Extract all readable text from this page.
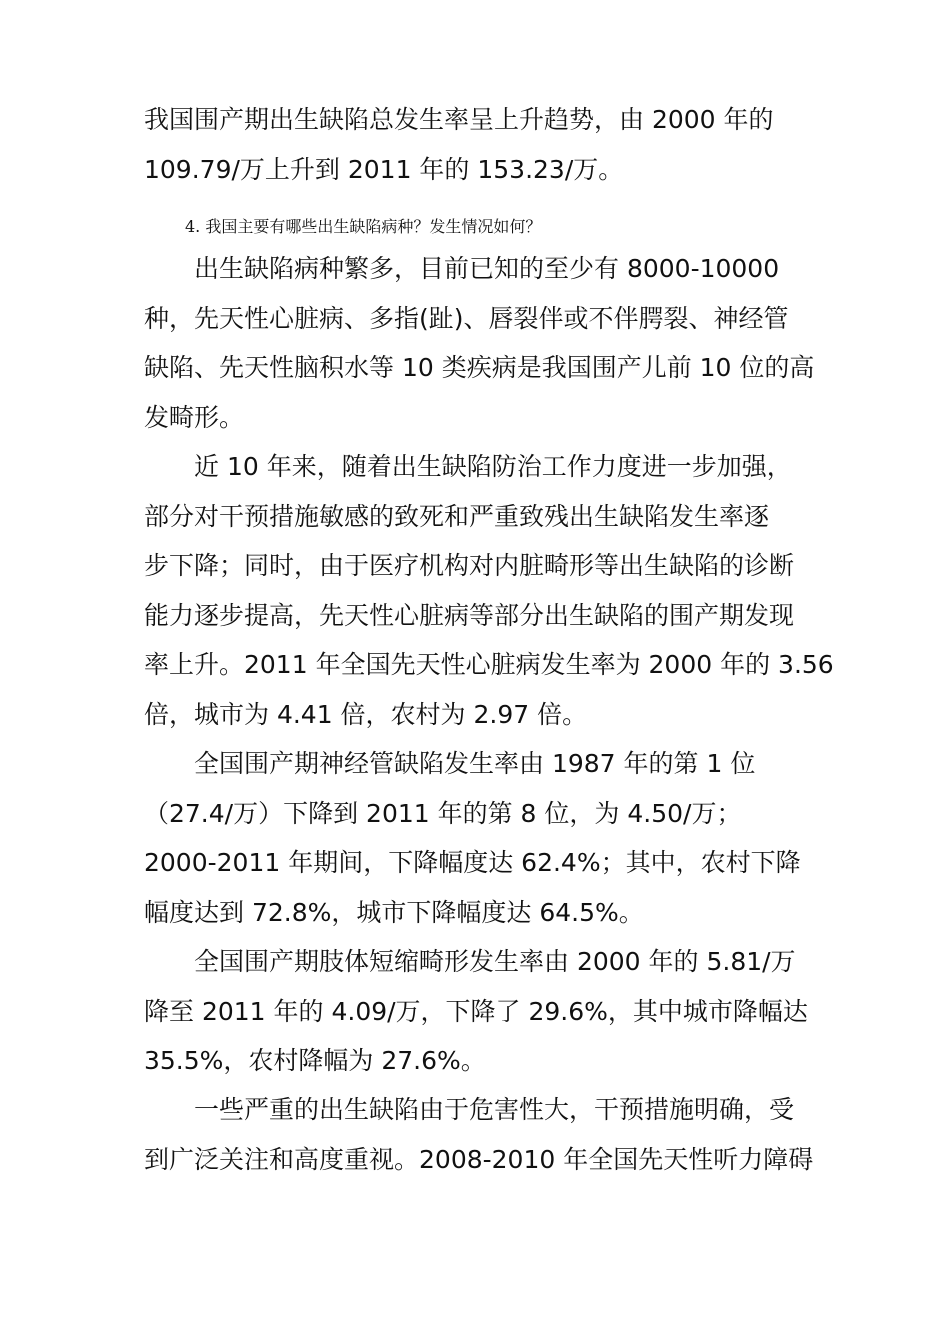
我国围产期出生缺陷总发生率呈上升趋势，由 2000 年的
109.79/万上升到 2011 年的 153.23/万。
4. 我国主要有哪些出生缺陷病种？发生情况如何？
出生缺陷病种繁多，目前已知的至少有 8000-10000
种，先天性心脏病、多指(趾)、唇裂伴或不伴腭裂、神经管
缺陷、先天性脑积水等 10 类疾病是我国围产儿前 10 位的高
发畸形。
近 10 年来，随着出生缺陷防治工作力度进一步加强，
部分对干预措施敏感的致死和严重致残出生缺陷发生率逐
步下降；同时，由于医疗机构对内脏畸形等出生缺陷的诊断
能力逐步提高，先天性心脏病等部分出生缺陷的围产期发现
率上升。2011 年全国先天性心脏病发生率为 2000 年的 3.56
倍，城市为 4.41 倍，农村为 2.97 倍。
全国围产期神经管缺陷发生率由 1987 年的第 1 位
（27.4/万）下降到 2011 年的第 8 位，为 4.50/万；
2000-2011 年期间，下降幅度达 62.4%；其中，农村下降
幅度达到 72.8%，城市下降幅度达 64.5%。
全国围产期肢体短缩畸形发生率由 2000 年的 5.81/万
降至 2011 年的 4.09/万，下降了 29.6%，其中城市降幅达
35.5%，农村降幅为 27.6%。
一些严重的出生缺陷由于危害性大，干预措施明确，受
到广泛关注和高度重视。2008-2010 年全国先天性听力障碍
